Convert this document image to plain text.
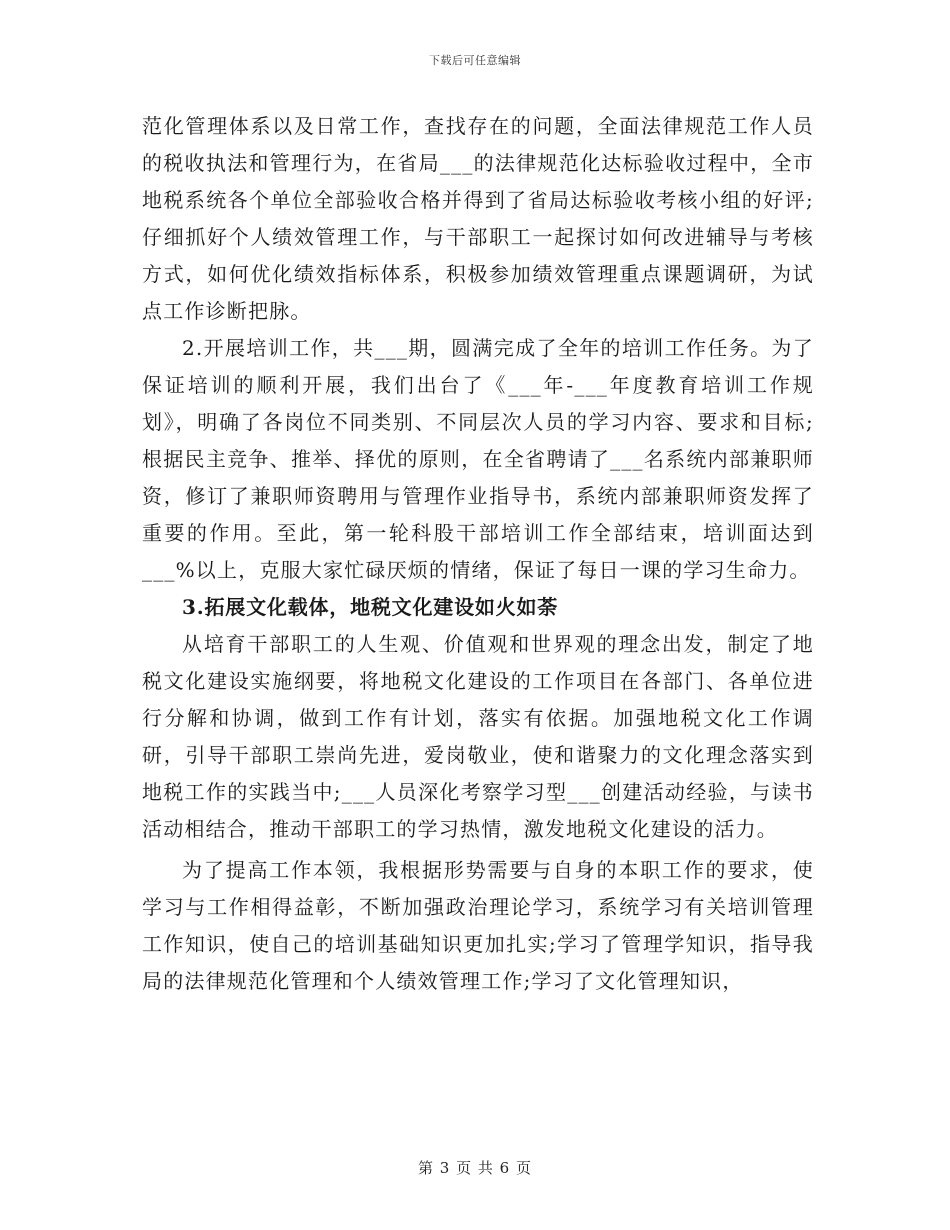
下载后可任意编辑

范化管理体系以及日常工作，查找存在的问题，全面法律规范工作人员的税收执法和管理行为，在省局___的法律规范化达标验收过程中，全市地税系统各个单位全部验收合格并得到了省局达标验收考核小组的好评;仔细抓好个人绩效管理工作，与干部职工一起探讨如何改进辅导与考核方式，如何优化绩效指标体系，积极参加绩效管理重点课题调研，为试点工作诊断把脉。

2.开展培训工作，共___期，圆满完成了全年的培训工作任务。为了保证培训的顺利开展，我们出台了《___年-___年度教育培训工作规划》，明确了各岗位不同类别、不同层次人员的学习内容、要求和目标;根据民主竞争、推举、择优的原则，在全省聘请了___名系统内部兼职师资，修订了兼职师资聘用与管理作业指导书，系统内部兼职师资发挥了重要的作用。至此，第一轮科股干部培训工作全部结束，培训面达到___%以上，克服大家忙碌厌烦的情绪，保证了每日一课的学习生命力。

3.拓展文化载体，地税文化建设如火如荼

从培育干部职工的人生观、价值观和世界观的理念出发，制定了地税文化建设实施纲要，将地税文化建设的工作项目在各部门、各单位进行分解和协调，做到工作有计划，落实有依据。加强地税文化工作调研，引导干部职工崇尚先进，爱岗敬业，使和谐聚力的文化理念落实到地税工作的实践当中;___人员深化考察学习型___创建活动经验，与读书活动相结合，推动干部职工的学习热情，激发地税文化建设的活力。

为了提高工作本领，我根据形势需要与自身的本职工作的要求，使学习与工作相得益彰，不断加强政治理论学习，系统学习有关培训管理工作知识，使自己的培训基础知识更加扎实;学习了管理学知识，指导我局的法律规范化管理和个人绩效管理工作;学习了文化管理知识，

第 3 页 共 6 页
